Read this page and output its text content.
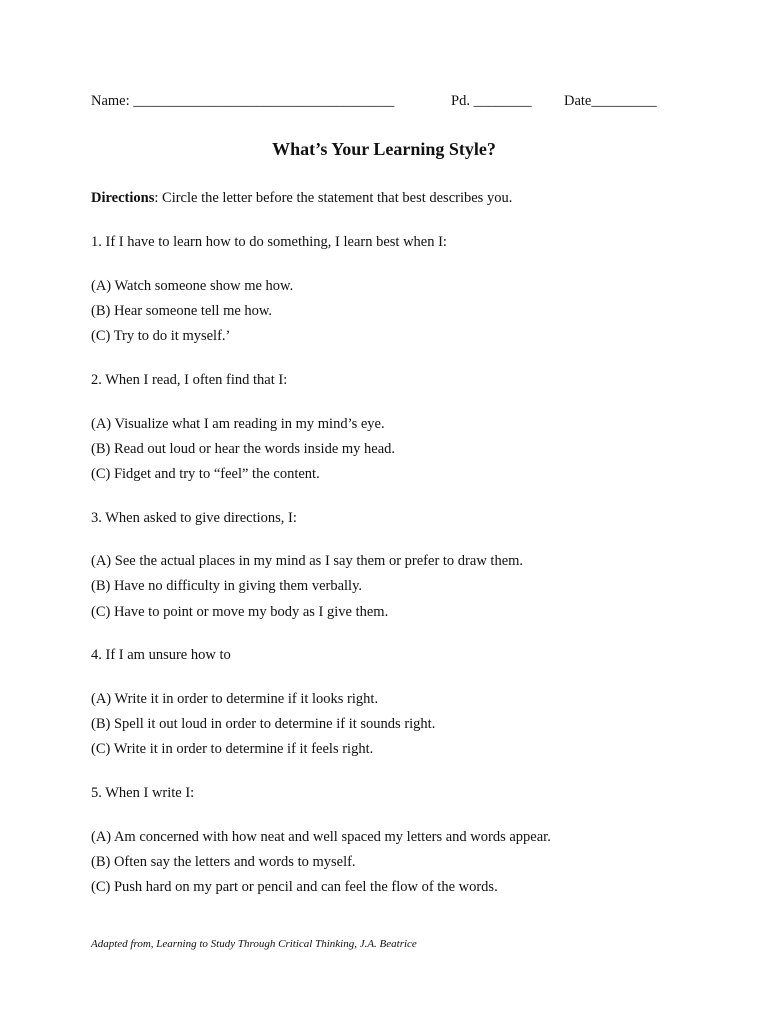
Name: ____________________________________	Pd. ________ Date_________
What’s Your Learning Style?
Directions: Circle the letter before the statement that best describes you.
1. If I have to learn how to do something, I learn best when I:
(A) Watch someone show me how.
(B) Hear someone tell me how.
(C) Try to do it myself.’
2. When I read, I often find that I:
(A) Visualize what I am reading in my mind’s eye.
(B) Read out loud or hear the words inside my head.
(C) Fidget and try to “feel” the content.
3. When asked to give directions, I:
(A) See the actual places in my mind as I say them or prefer to draw them.
(B) Have no difficulty in giving them verbally.
(C) Have to point or move my body as I give them.
4. If I am unsure how to
(A) Write it in order to determine if it looks right.
(B) Spell it out loud in order to determine if it sounds right.
(C) Write it in order to determine if it feels right.
5. When I write I:
(A) Am concerned with how neat and well spaced my letters and words appear.
(B) Often say the letters and words to myself.
(C) Push hard on my part or pencil and can feel the flow of the words.
Adapted from, Learning to Study Through Critical Thinking, J.A. Beatrice
